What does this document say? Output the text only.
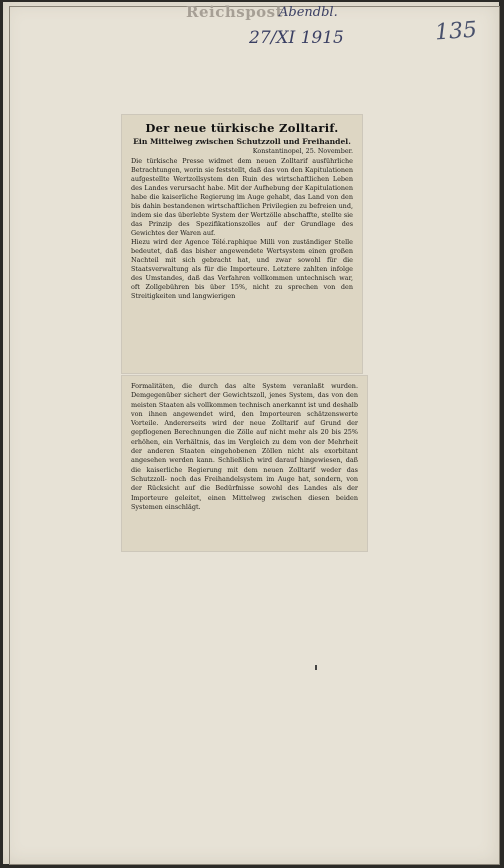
Reichspost
Abendbl.
27/XI 1915	135
Der neue türkische Zolltarif.
Ein Mittelweg zwischen Schutzzoll und Freihandel.
Konstantinopel, 25. November.

Die türkische Presse widmet dem neuen Zolltarif ausführliche Betrachtungen, worin sie feststellt, daß das von den Kapitulationen aufgestellte Wertzollsystem den Ruin des wirtschaftlichen Leben des Landes verursacht habe. Mit der Aufhebung der Kapitulationen habe die kaiserliche Regierung im Auge gehabt, das Land von den bis dahin bestandenen wirtschaftlichen Privilegien zu befreien und, indem sie das überlebte System der Wertzölle abschaffte, stellte sie das Prinzip des Spezifikationszolles auf der Grundlage des Gewichtes der Waren auf.
Hiezu wird der Agence Télé.raphique Milli von zuständiger Stelle bedeutet, daß das bisher angewendete Wertsystem einen großen Nachteil mit sich gebracht hat, und zwar sowohl für die Staatsverwaltung als für die Importeure. Letztere zahlten infolge des Umstandes, daß das Verfahren vollkommen untechnisch war, oft Zollgebühren bis über 15%, nicht zu sprechen von den Streitigkeiten und langwierigen

Formalitäten, die durch das alte System veranlaßt wurden. Demgegenüber sichert der Gewichtszoll, jenes System, das von den meisten Staaten als vollkommen technisch anerkannt ist und deshalb von ihnen angewendet wird, den Importeuren schätzenswerte Vorteile. Andererseits wird der neue Zolltarif auf Grund der gepflogenen Berechnungen die Zölle auf nicht mehr als 20 bis 25% erhöhen, ein Verhältnis, das im Vergleich zu dem von der Mehrheit der anderen Staaten eingehobenen Zöllen nicht als exorbitant angesehen werden kann. Schließlich wird darauf hingewiesen, daß die kaiserliche Regierung mit dem neuen Zolltarif weder das Schutzzoll- noch das Freihandelsystem im Auge hat, sondern, von der Rücksicht auf die Bedürfnisse sowohl des Landes als der Importeure geleitet, einen Mittelweg zwischen diesen beiden Systemen einschlägt.
